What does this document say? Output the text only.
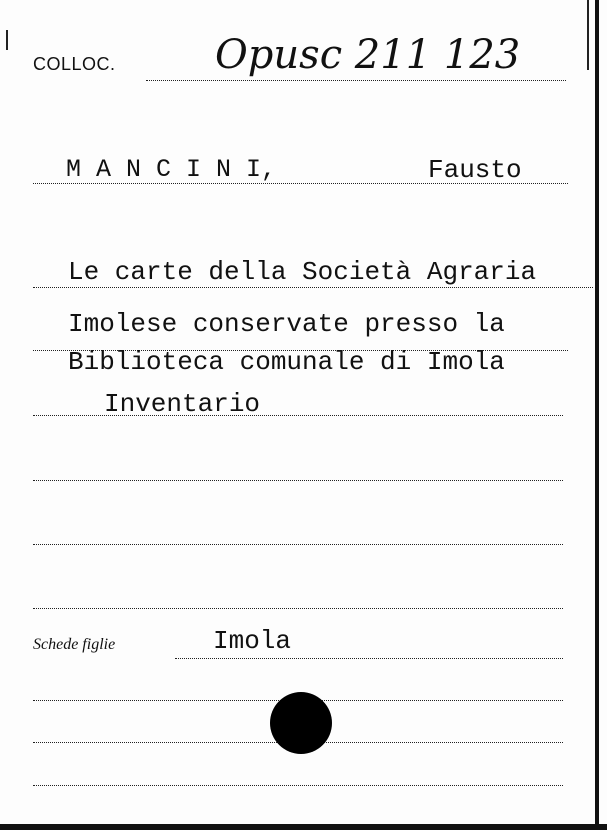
COLLOC. Opusc 211 123
M A N C I N I,	Fausto
Le carte della Società Agraria
Imolese conservate presso la
Biblioteca comunale di Imola
Inventario
Schede figlie	Imola
